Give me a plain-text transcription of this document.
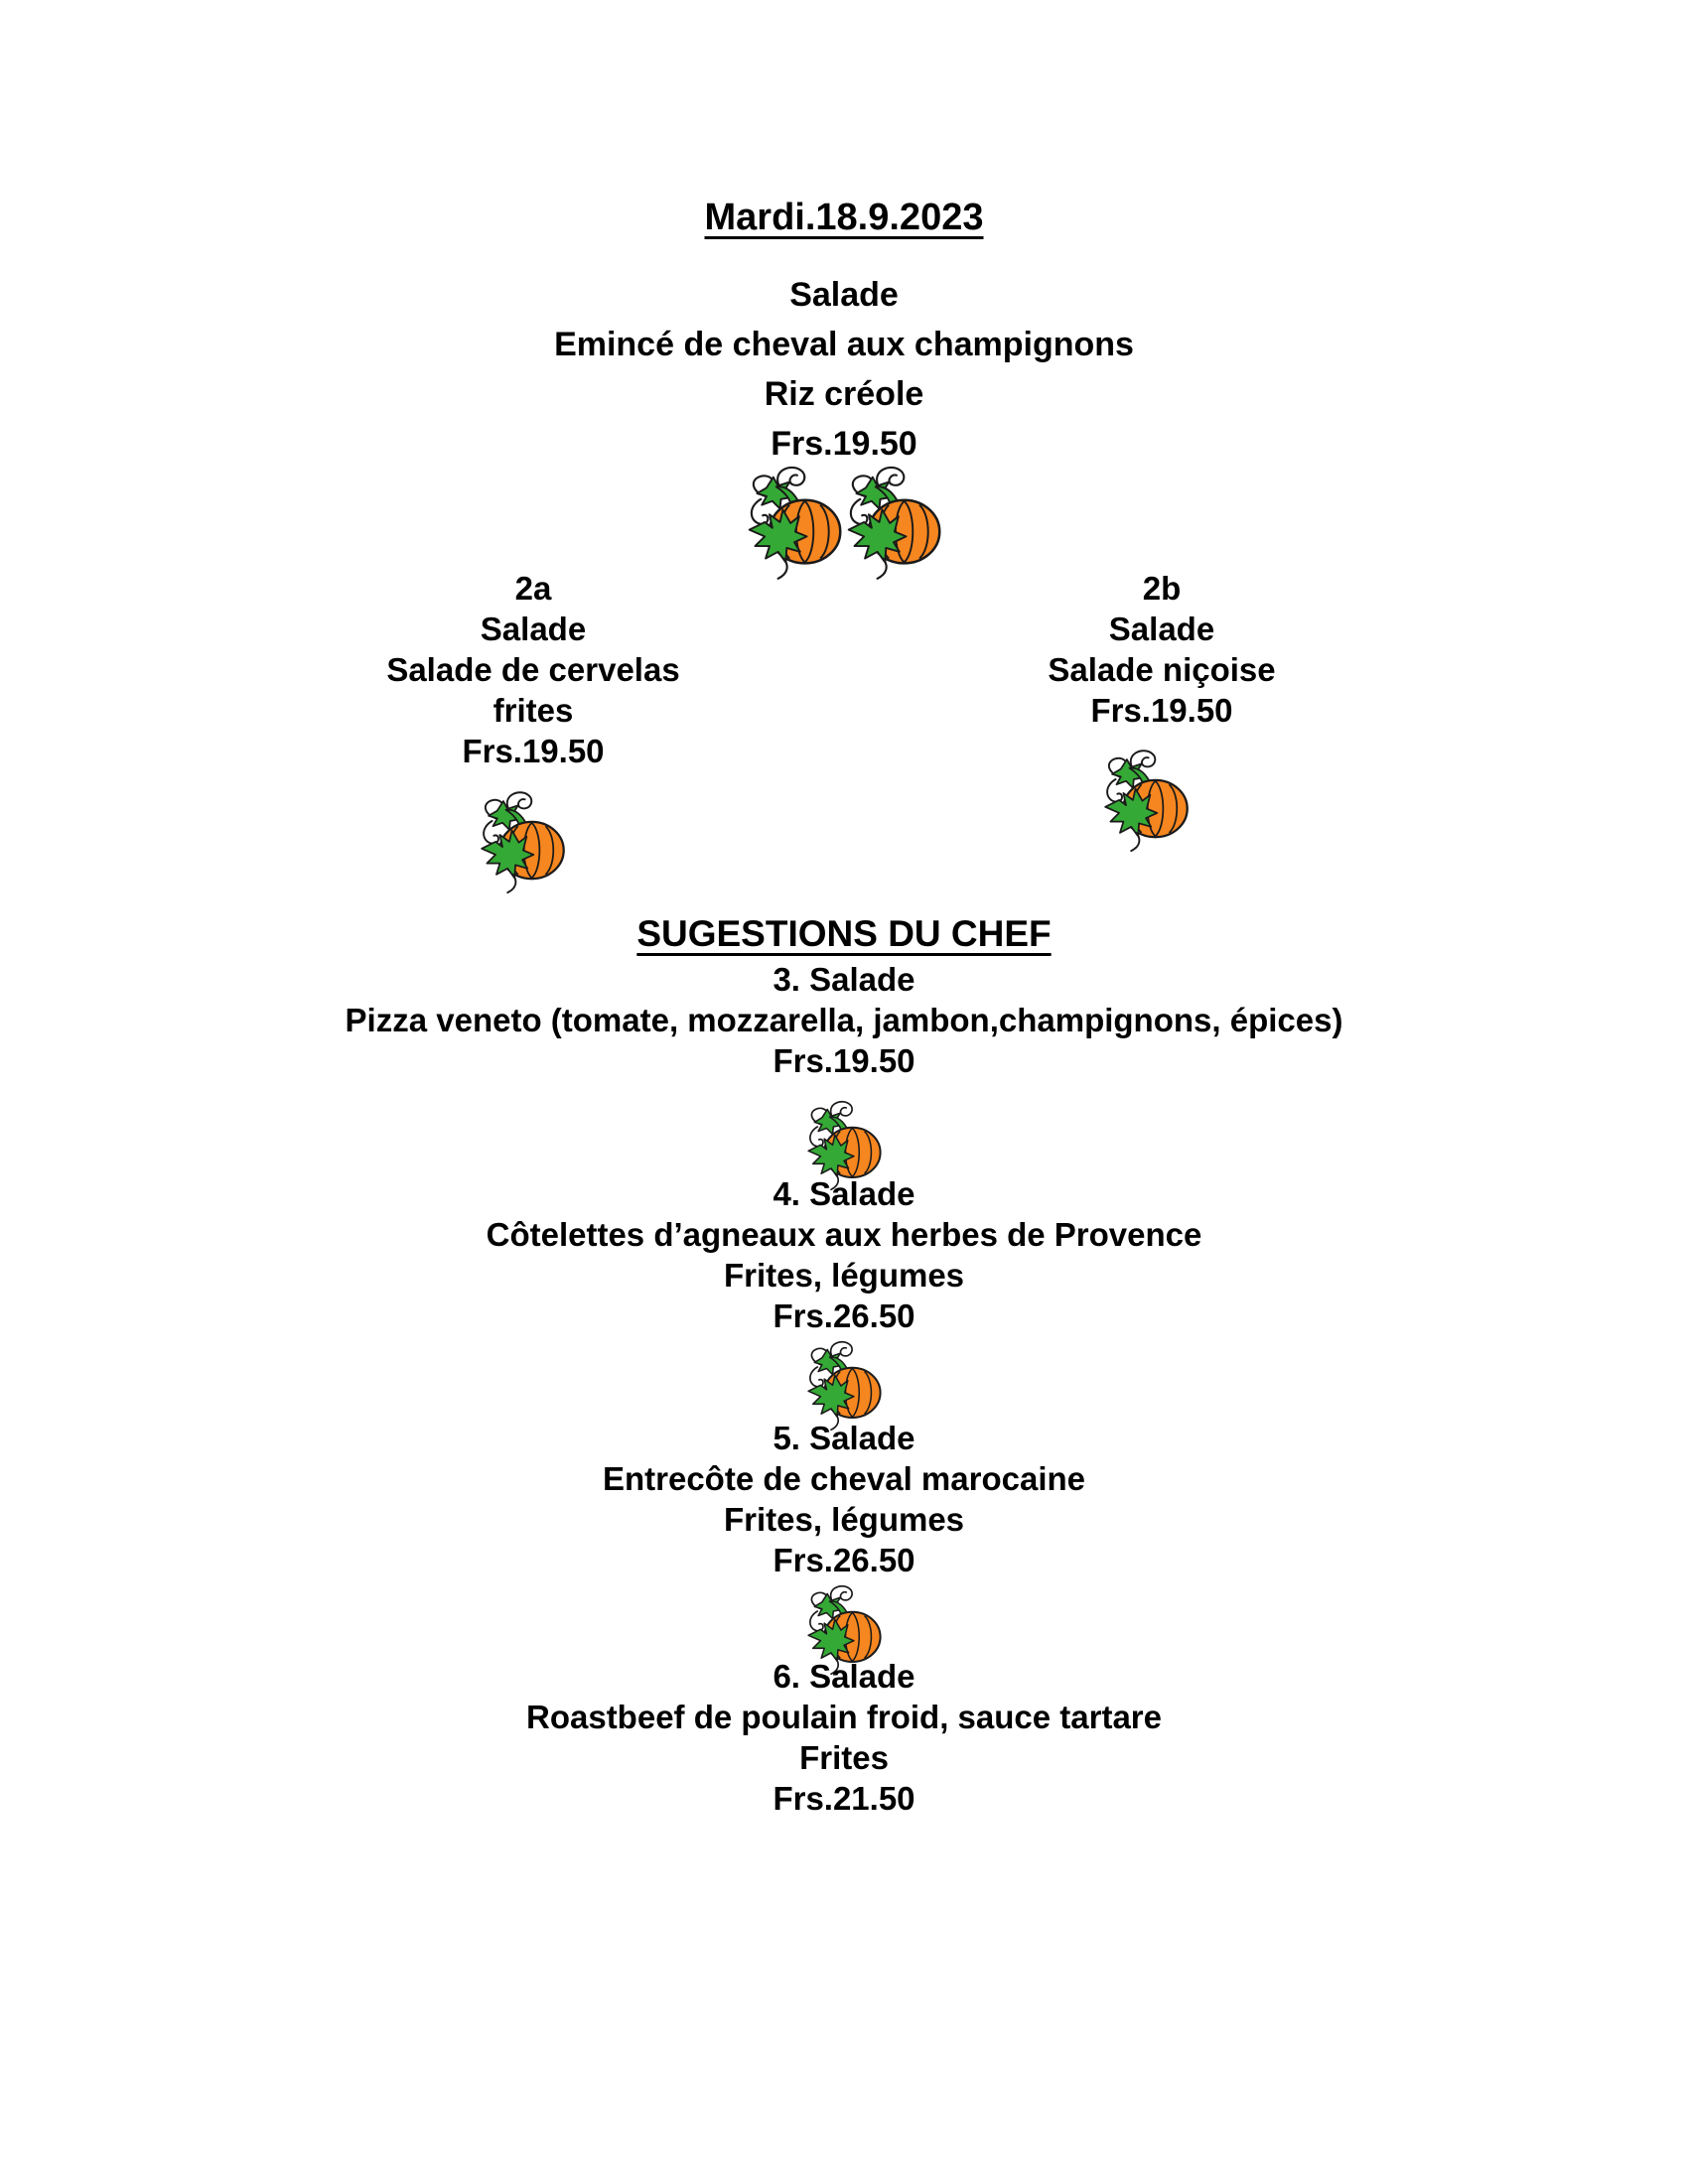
Mardi.18.9.2023
Salade
Emincé de cheval aux champignons
Riz créole
Frs.19.50
2a
Salade
Salade de cervelas
frites
Frs.19.50
2b
Salade
Salade niçoise
Frs.19.50
SUGESTIONS DU CHEF
3. Salade
Pizza veneto (tomate, mozzarella, jambon,champignons, épices)
Frs.19.50
4. Salade
Côtelettes d’agneaux aux herbes de Provence
Frites, légumes
Frs.26.50
5. Salade
Entrecôte de cheval marocaine
Frites, légumes
Frs.26.50
6. Salade
Roastbeef de poulain froid, sauce tartare
Frites
Frs.21.50
